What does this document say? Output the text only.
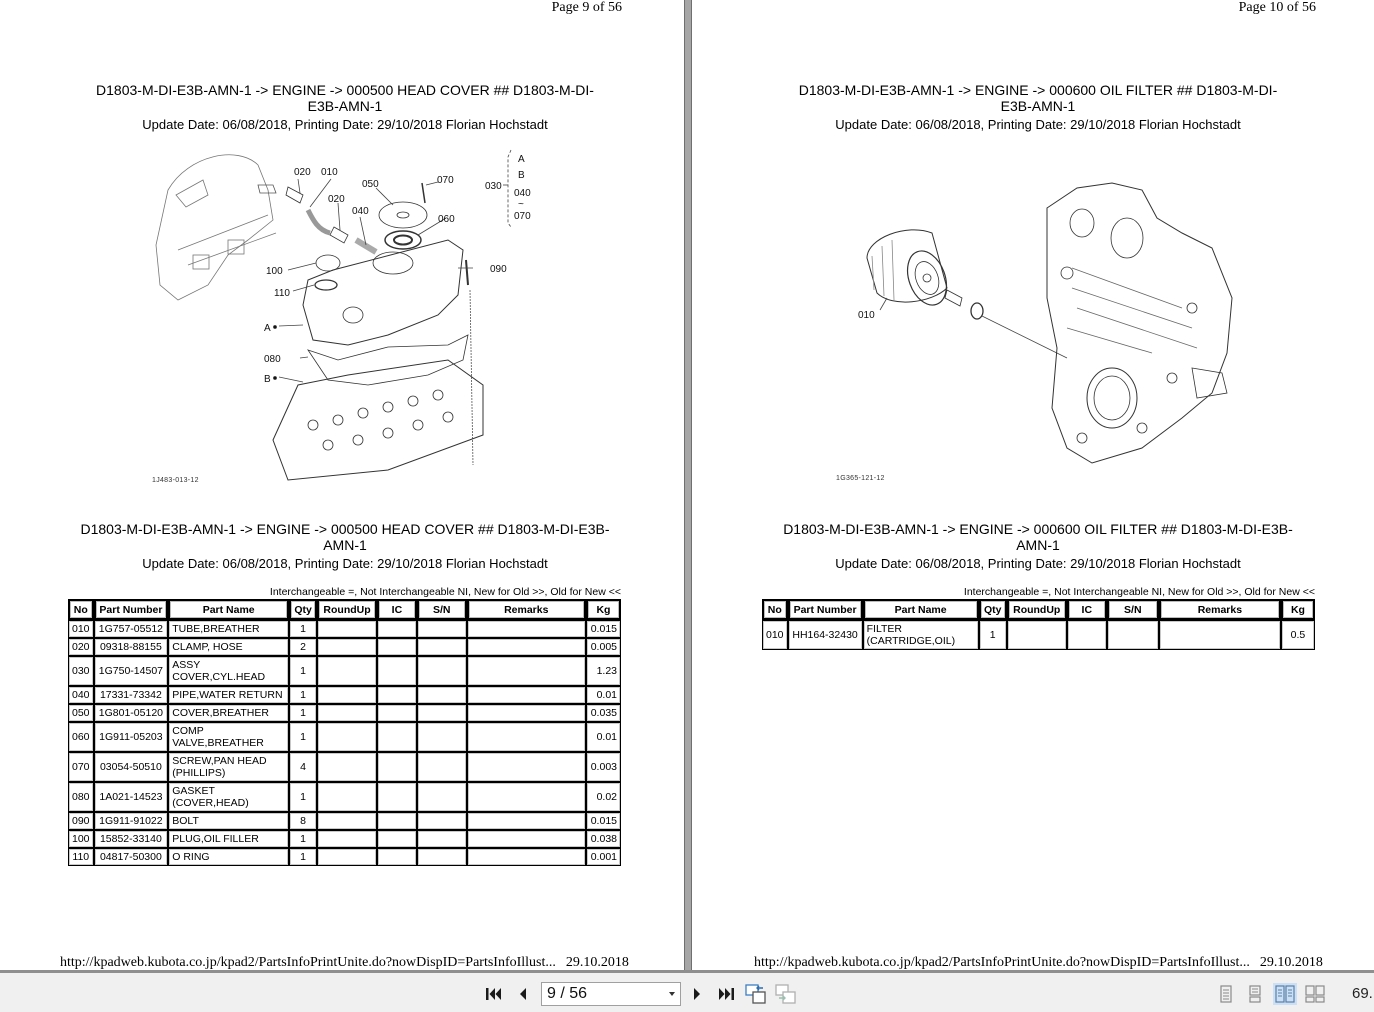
Page 9 of 56
D1803-M-DI-E3B-AMN-1 -> ENGINE -> 000500 HEAD COVER ## D1803-M-DI-
E3B-AMN-1
Update Date: 06/08/2018, Printing Date: 29/10/2018 Florian Hochstadt
020 010
020
040
050	070
060
090
100
110
A
B
080
030
A
B
040
~
070
1J483-013-12
D1803-M-DI-E3B-AMN-1 -> ENGINE -> 000500 HEAD COVER ## D1803-M-DI-E3B-
AMN-1
Update Date: 06/08/2018, Printing Date: 29/10/2018 Florian Hochstadt
Interchangeable =, Not Interchangeable NI, New for Old >>, Old for New <<
No	Part Number	Part Name	Qty	RoundUp	IC	S/N	Remarks	Kg
010	1G757-05512	TUBE,BREATHER	1					0.015
020	09318-88155	CLAMP, HOSE	2					0.005
030	1G750-14507	ASSY COVER,CYL.HEAD	1					1.23
040	17331-73342	PIPE,WATER RETURN	1					0.01
050	1G801-05120	COVER,BREATHER	1					0.035
060	1G911-05203	COMP VALVE,BREATHER	1					0.01
070	03054-50510	SCREW,PAN HEAD (PHILLIPS)	4					0.003
080	1A021-14523	GASKET (COVER,HEAD)	1					0.02
090	1G911-91022	BOLT	8					0.015
100	15852-33140	PLUG,OIL FILLER	1					0.038
110	04817-50300	O RING	1					0.001
http://kpadweb.kubota.co.jp/kpad2/PartsInfoPrintUnite.do?nowDispID=PartsInfoIllust... 29.10.2018
Page 10 of 56
D1803-M-DI-E3B-AMN-1 -> ENGINE -> 000600 OIL FILTER ## D1803-M-DI-
E3B-AMN-1
Update Date: 06/08/2018, Printing Date: 29/10/2018 Florian Hochstadt
010
1G365-121-12
D1803-M-DI-E3B-AMN-1 -> ENGINE -> 000600 OIL FILTER ## D1803-M-DI-E3B-
AMN-1
Update Date: 06/08/2018, Printing Date: 29/10/2018 Florian Hochstadt
Interchangeable =, Not Interchangeable NI, New for Old >>, Old for New <<
No	Part Number	Part Name	Qty	RoundUp	IC	S/N	Remarks	Kg
010	HH164-32430	FILTER (CARTRIDGE,OIL)	1					0.5
http://kpadweb.kubota.co.jp/kpad2/PartsInfoPrintUnite.do?nowDispID=PartsInfoIllust... 29.10.2018
9 / 56	69.
